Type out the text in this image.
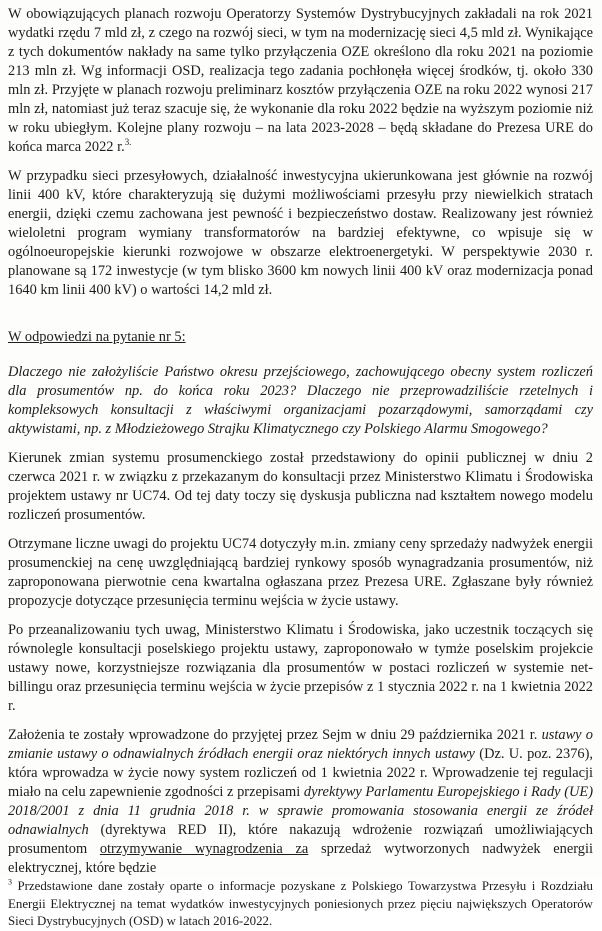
W obowiązujących planach rozwoju Operatorzy Systemów Dystrybucyjnych zakładali na rok 2021 wydatki rzędu 7 mld zł, z czego na rozwój sieci, w tym na modernizację sieci 4,5 mld zł. Wynikające z tych dokumentów nakłady na same tylko przyłączenia OZE określono dla roku 2021 na poziomie 213 mln zł. Wg informacji OSD, realizacja tego zadania pochłonęła więcej środków, tj. około 330 mln zł. Przyjęte w planach rozwoju preliminarz kosztów przyłączenia OZE na roku 2022 wynosi 217 mln zł, natomiast już teraz szacuje się, że wykonanie dla roku 2022 będzie na wyższym poziomie niż w roku ubiegłym. Kolejne plany rozwoju – na lata 2023-2028 – będą składane do Prezesa URE do końca marca 2022 r.$^{3.}$

W przypadku sieci przesyłowych, działalność inwestycyjna ukierunkowana jest głównie na rozwój linii 400 kV, które charakteryzują się dużymi możliwościami przesyłu przy niewielkich stratach energii, dzięki czemu zachowana jest pewność i bezpieczeństwo dostaw. Realizowany jest również wieloletni program wymiany transformatorów na bardziej efektywne, co wpisuje się w ogólnoeuropejskie kierunki rozwojowe w obszarze elektroenergetyki. W perspektywie 2030 r. planowane są 172 inwestycje (w tym blisko 3600 km nowych linii 400 kV oraz modernizacja ponad 1640 km linii 400 kV) o wartości 14,2 mld zł.

W odpowiedzi na pytanie nr 5:

Dlaczego nie założyliście Państwo okresu przejściowego, zachowującego obecny system rozliczeń dla prosumentów np. do końca roku 2023? Dlaczego nie przeprowadziliście rzetelnych i kompleksowych konsultacji z właściwymi organizacjami pozarządowymi, samorządami czy aktywistami, np. z Młodzieżowego Strajku Klimatycznego czy Polskiego Alarmu Smogowego?

Kierunek zmian systemu prosumenckiego został przedstawiony do opinii publicznej w dniu 2 czerwca 2021 r. w związku z przekazanym do konsultacji przez Ministerstwo Klimatu i Środowiska projektem ustawy nr UC74. Od tej daty toczy się dyskusja publiczna nad kształtem nowego modelu rozliczeń prosumentów.

Otrzymane liczne uwagi do projektu UC74 dotyczyły m.in. zmiany ceny sprzedaży nadwyżek energii prosumenckiej na cenę uwzględniającą bardziej rynkowy sposób wynagradzania prosumentów, niż zaproponowana pierwotnie cena kwartalna ogłaszana przez Prezesa URE. Zgłaszane były również propozycje dotyczące przesunięcia terminu wejścia w życie ustawy.

Po przeanalizowaniu tych uwag, Ministerstwo Klimatu i Środowiska, jako uczestnik toczących się równolegle konsultacji poselskiego projektu ustawy, zaproponowało w tymże poselskim projekcie ustawy nowe, korzystniejsze rozwiązania dla prosumentów w postaci rozliczeń w systemie net-billingu oraz przesunięcia terminu wejścia w życie przepisów z 1 stycznia 2022 r. na 1 kwietnia 2022 r.

Założenia te zostały wprowadzone do przyjętej przez Sejm w dniu 29 października 2021 r. ustawy o zmianie ustawy o odnawialnych źródłach energii oraz niektórych innych ustawy (Dz. U. poz. 2376), która wprowadza w życie nowy system rozliczeń od 1 kwietnia 2022 r. Wprowadzenie tej regulacji miało na celu zapewnienie zgodności z przepisami dyrektywy Parlamentu Europejskiego i Rady (UE) 2018/2001 z dnia 11 grudnia 2018 r. w sprawie promowania stosowania energii ze źródeł odnawialnych (dyrektywa RED II), które nakazują wdrożenie rozwiązań umożliwiających prosumentom otrzymywanie wynagrodzenia za sprzedaż wytworzonych nadwyżek energii elektrycznej, które będzie

$^3$ Przedstawione dane zostały oparte o informacje pozyskane z Polskiego Towarzystwa Przesyłu i Rozdziału Energii Elektrycznej na temat wydatków inwestycyjnych poniesionych przez pięciu największych Operatorów Sieci Dystrybucyjnych (OSD) w latach 2016-2022.
